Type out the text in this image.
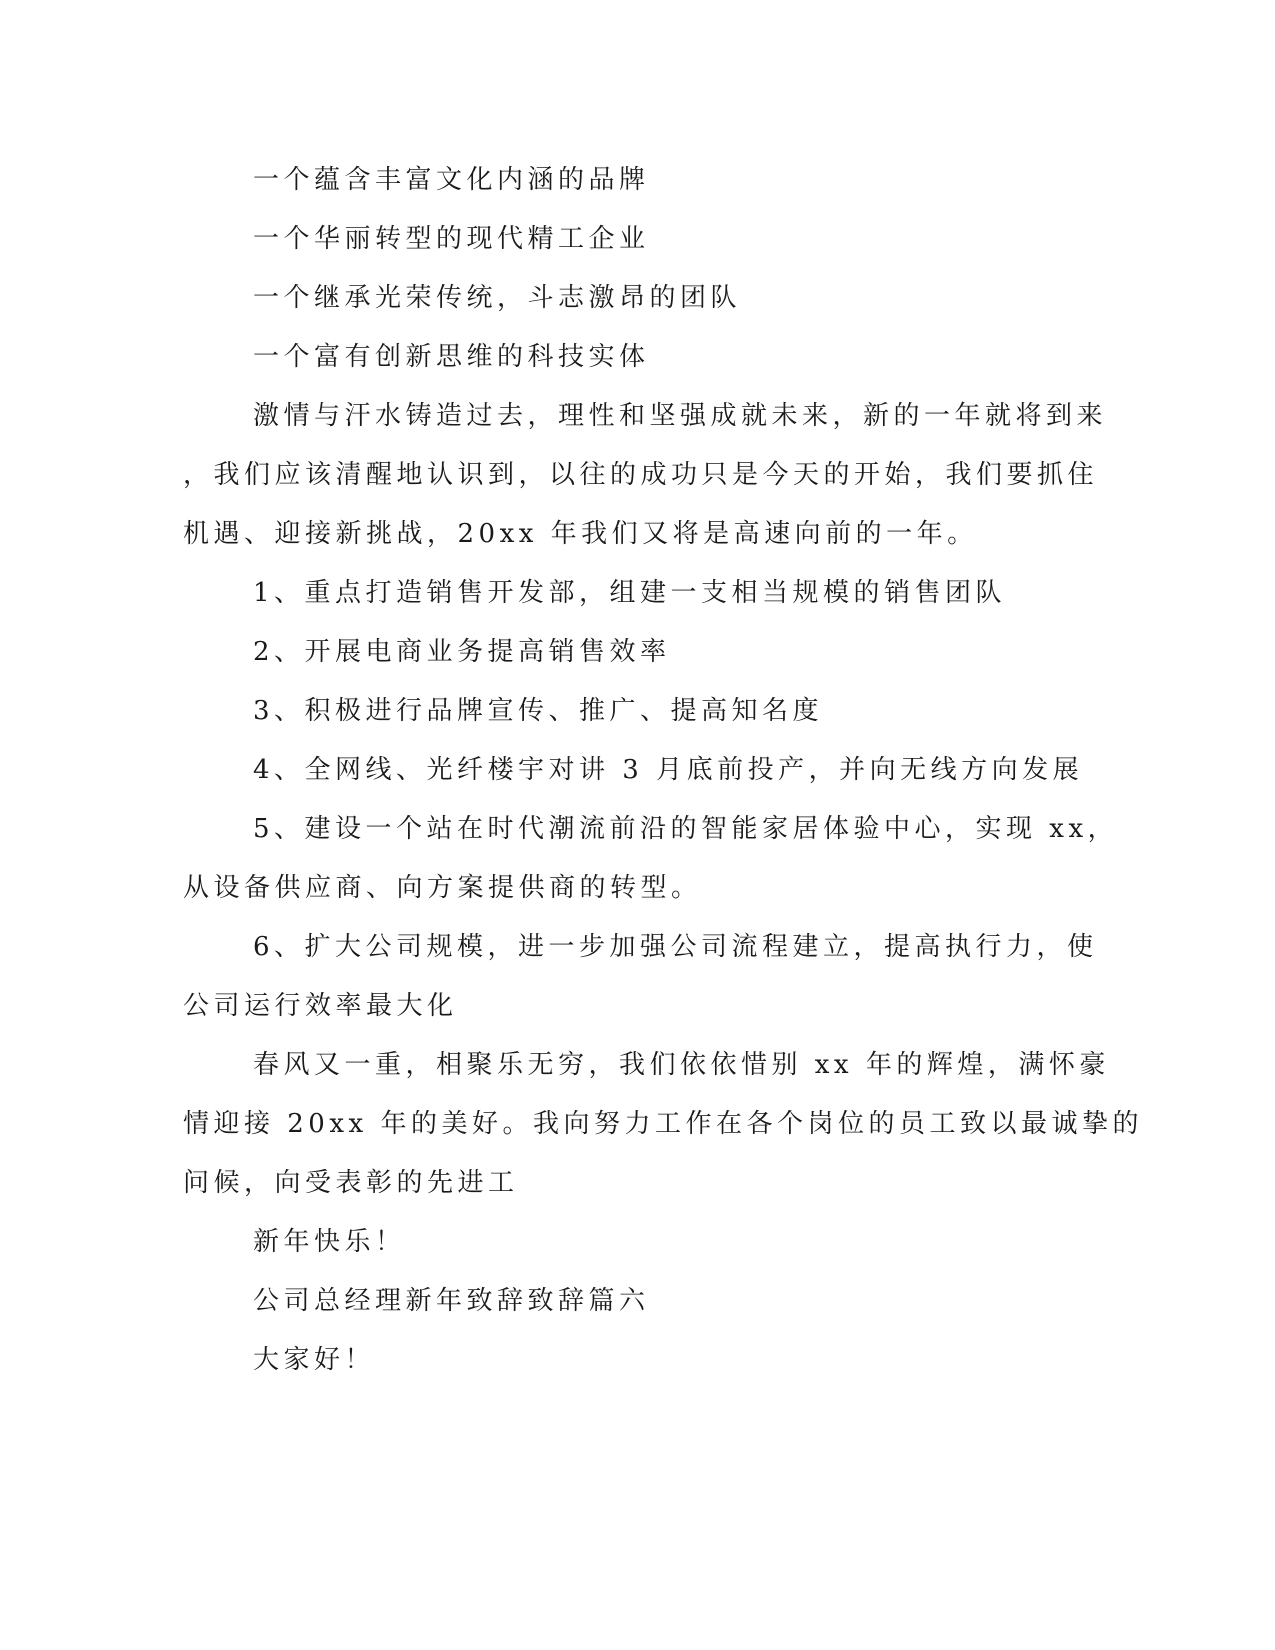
一个蕴含丰富文化内涵的品牌
一个华丽转型的现代精工企业
一个继承光荣传统，斗志激昂的团队
一个富有创新思维的科技实体
激情与汗水铸造过去，理性和坚强成就未来，新的一年就将到来
，我们应该清醒地认识到，以往的成功只是今天的开始，我们要抓住
机遇、迎接新挑战，20xx 年我们又将是高速向前的一年。
1、重点打造销售开发部，组建一支相当规模的销售团队
2、开展电商业务提高销售效率
3、积极进行品牌宣传、推广、提高知名度
4、全网线、光纤楼宇对讲 3 月底前投产，并向无线方向发展
5、建设一个站在时代潮流前沿的智能家居体验中心，实现 xx，
从设备供应商、向方案提供商的转型。
6、扩大公司规模，进一步加强公司流程建立，提高执行力，使
公司运行效率最大化
春风又一重，相聚乐无穷，我们依依惜别 xx 年的辉煌，满怀豪
情迎接 20xx 年的美好。我向努力工作在各个岗位的员工致以最诚挚的
问候，向受表彰的先进工
新年快乐！
公司总经理新年致辞致辞篇六
大家好！
